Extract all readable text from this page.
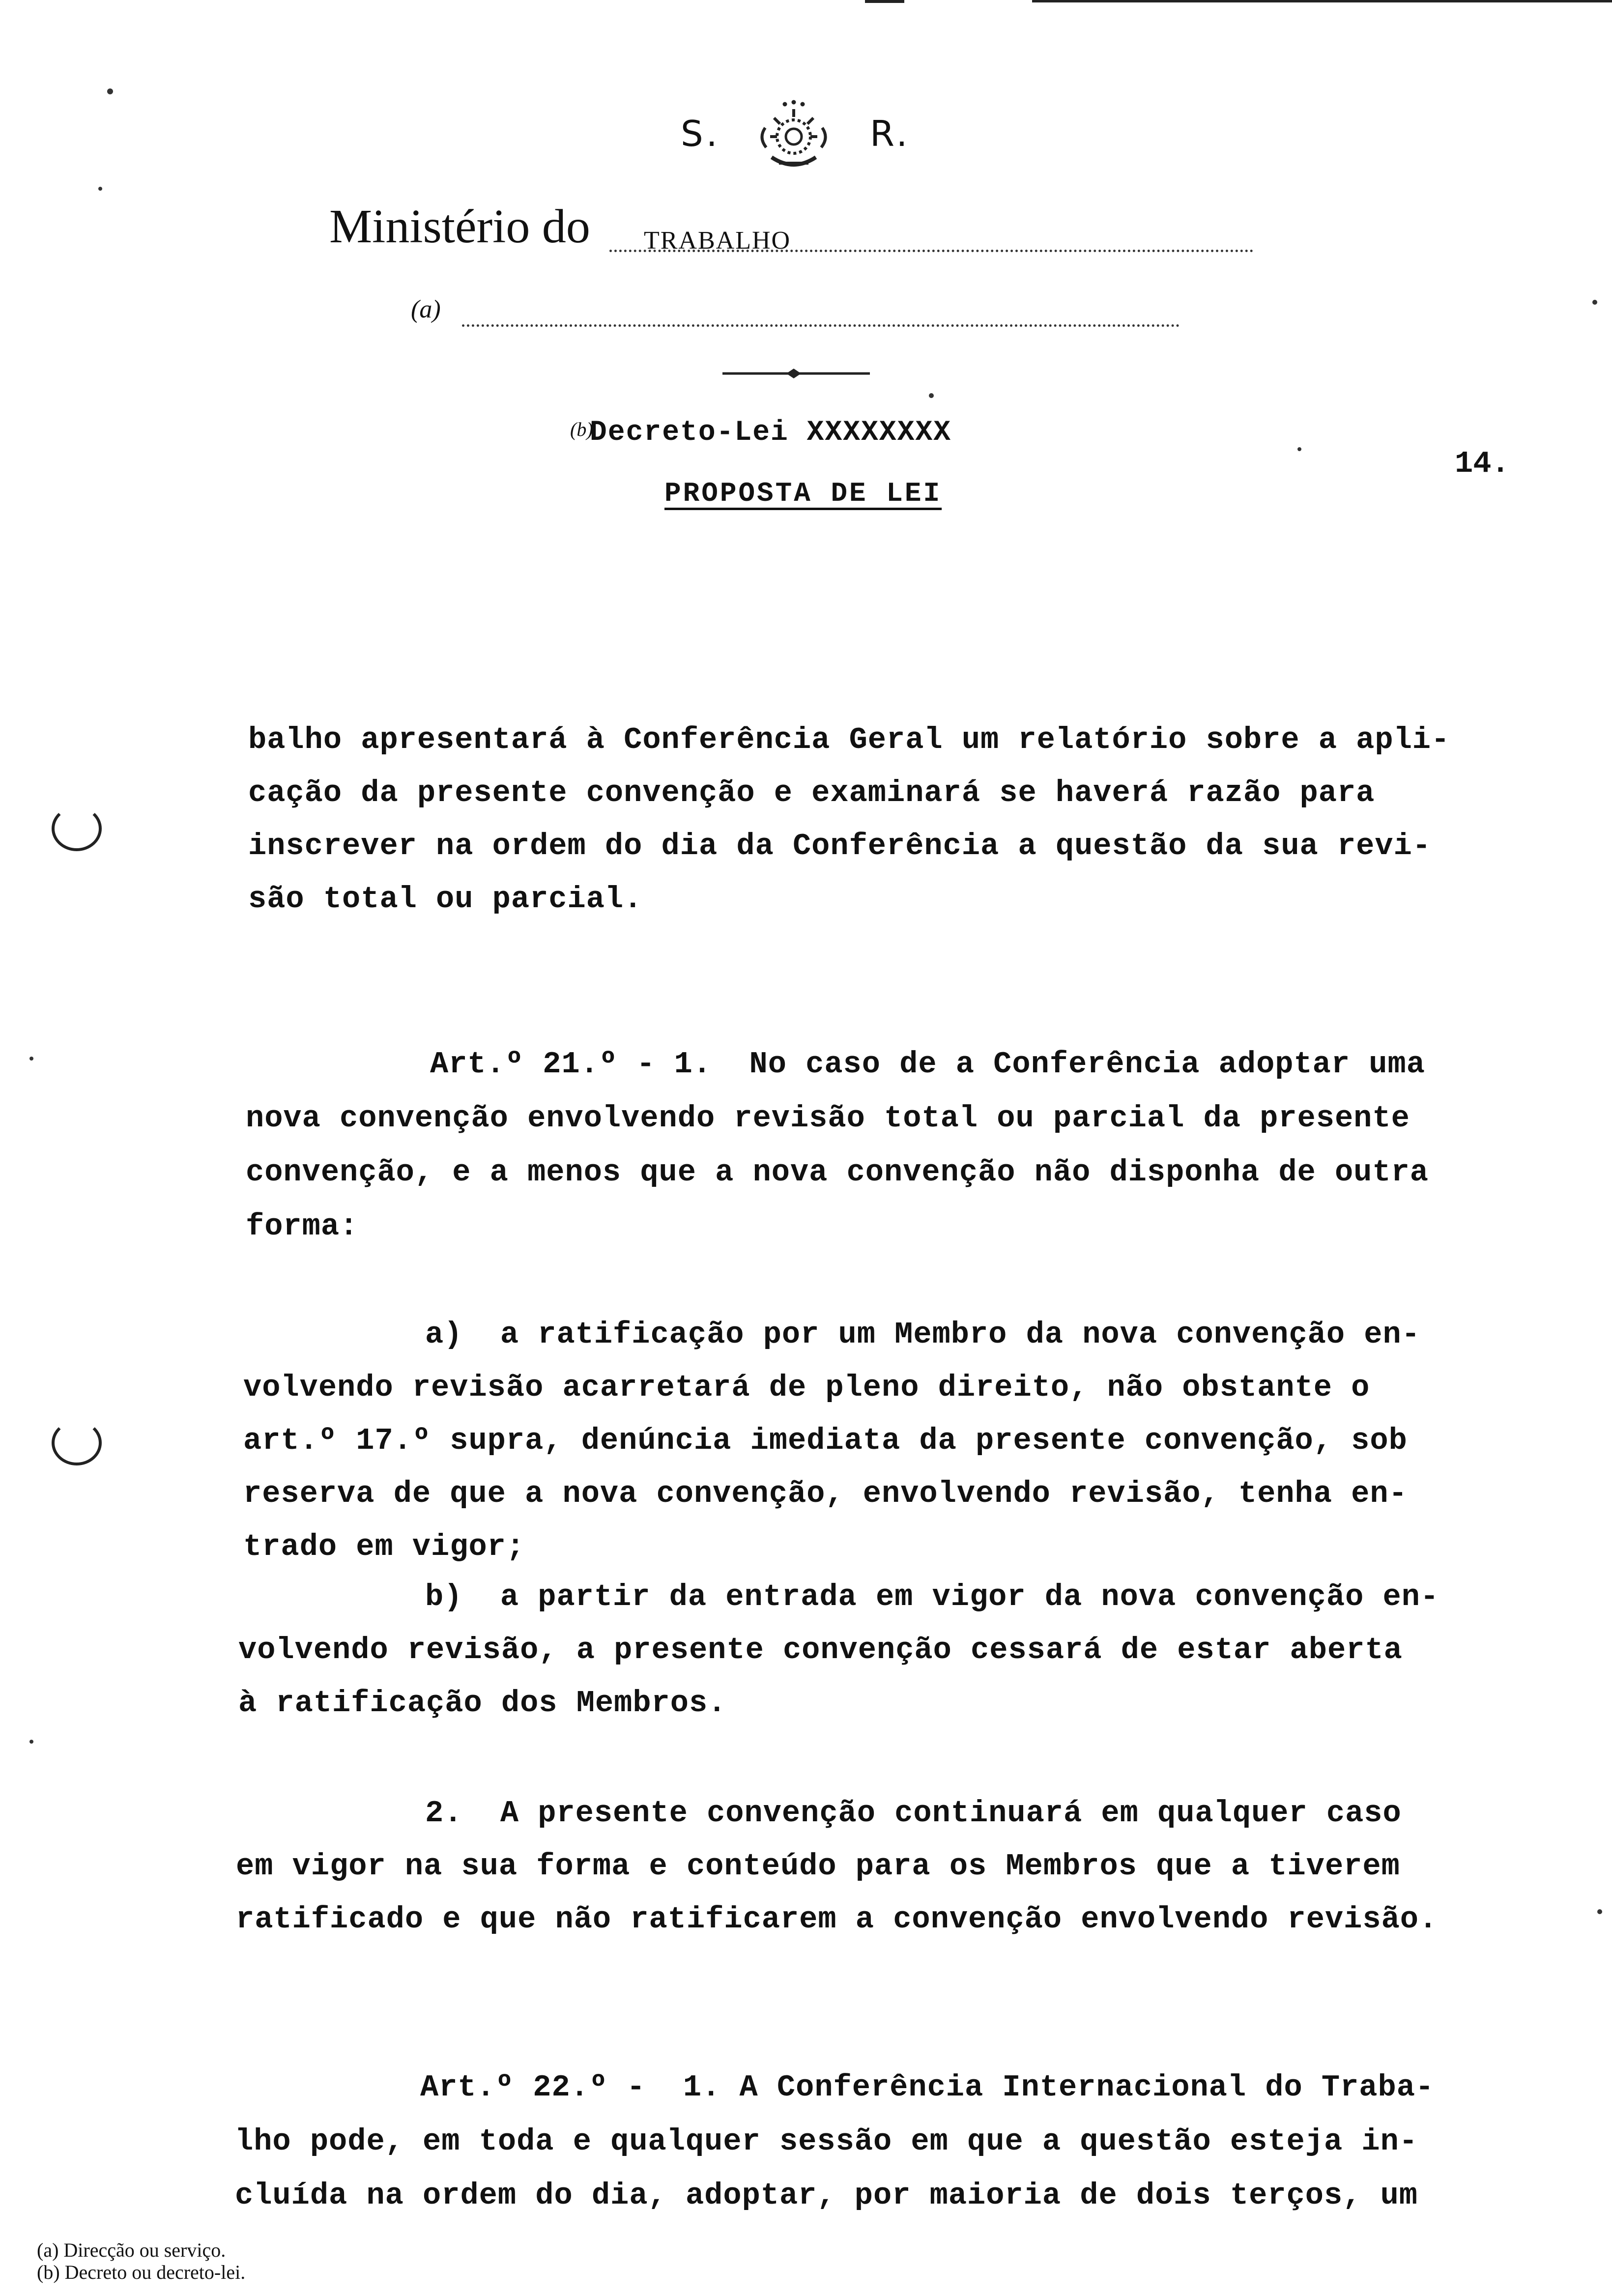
S.	R.
Ministério do TRABALHO
(a)
(b)
Decreto-Lei XXXXXXXX
PROPOSTA DE LEI
14.
balho apresentará à Conferência Geral um relatório sobre a apli-
cação da presente convenção e examinará se haverá razão para
inscrever na ordem do dia da Conferência a questão da sua revi-
são total ou parcial.
Art.º 21.º - 1.  No caso de a Conferência adoptar uma
nova convenção envolvendo revisão total ou parcial da presente
convenção, e a menos que a nova convenção não disponha de outra
forma:
a)  a ratificação por um Membro da nova convenção en-
volvendo revisão acarretará de pleno direito, não obstante o
art.º 17.º supra, denúncia imediata da presente convenção, sob
reserva de que a nova convenção, envolvendo revisão, tenha en-
trado em vigor;
b)  a partir da entrada em vigor da nova convenção en-
volvendo revisão, a presente convenção cessará de estar aberta
à ratificação dos Membros.
2.  A presente convenção continuará em qualquer caso
em vigor na sua forma e conteúdo para os Membros que a tiverem
ratificado e que não ratificarem a convenção envolvendo revisão.
Art.º 22.º -  1. A Conferência Internacional do Traba-
lho pode, em toda e qualquer sessão em que a questão esteja in-
cluída na ordem do dia, adoptar, por maioria de dois terços, um
(a) Direcção ou serviço.
(b) Decreto ou decreto-lei.
